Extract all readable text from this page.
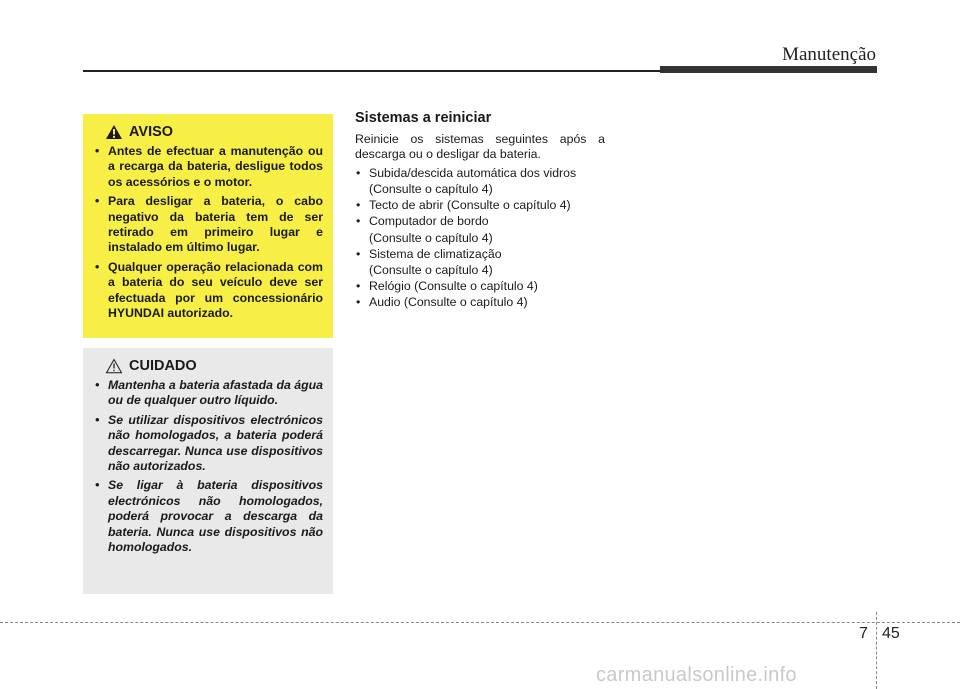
Manutenção
AVISO
• Antes de efectuar a manutenção ou a recarga da bateria, desligue todos os acessórios e o motor.
• Para desligar a bateria, o cabo negativo da bateria tem de ser retirado em primeiro lugar e instalado em último lugar.
• Qualquer operação relacionada com a bateria do seu veículo deve ser efectuada por um concessionário HYUNDAI autorizado.
CUIDADO
• Mantenha a bateria afastada da água ou de qualquer outro líquido.
• Se utilizar dispositivos electrónicos não homologados, a bateria poderá descarregar. Nunca use dispositivos não autorizados.
• Se ligar à bateria dispositivos electrónicos não homologados, poderá provocar a descarga da bateria. Nunca use dispositivos não homologados.
Sistemas a reiniciar

Reinicie os sistemas seguintes após a descarga ou o desligar da bateria.

• Subida/descida automática dos vidros
(Consulte o capítulo 4)
• Tecto de abrir (Consulte o capítulo 4)
• Computador de bordo
(Consulte o capítulo 4)
• Sistema de climatização
(Consulte o capítulo 4)
• Relógio (Consulte o capítulo 4)
• Audio (Consulte o capítulo 4)
7 45
carmanualsonline.info
